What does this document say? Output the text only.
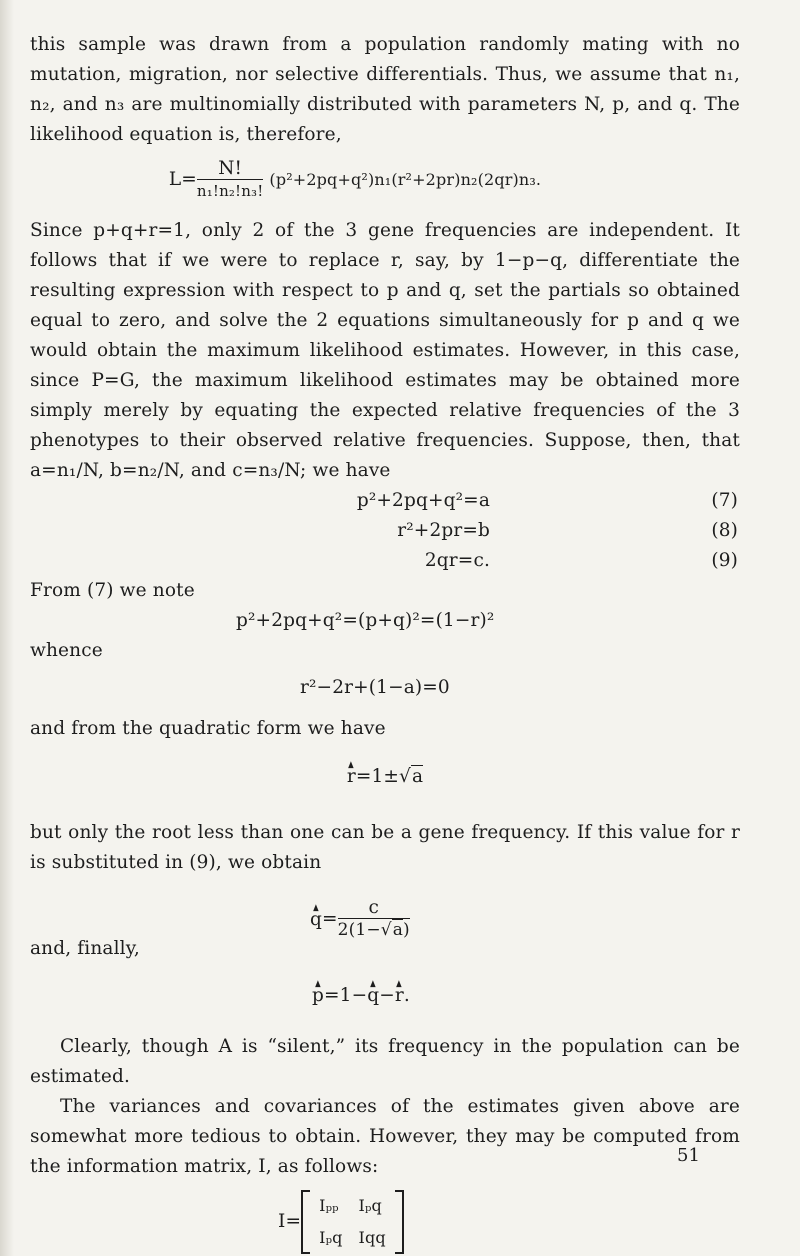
this sample was drawn from a population randomly mating with no mutation, migration, nor selective differentials. Thus, we assume that n₁, n₂, and n₃ are multinomially distributed with parameters N, p, and q. The likelihood equation is, therefore,

$L= \frac{N!}{\text{n₁!n₂!n₃!}} (p^2+2pq+q^2)n_1(r^2+2pr)n_2(2qr)n_3$.

Since p+q+r=1, only 2 of the 3 gene frequencies are independent. It follows that if we were to replace r, say, by 1−p−q, differentiate the resulting expression with respect to p and q, set the partials so obtained equal to zero, and solve the 2 equations simultaneously for p and q we would obtain the maximum likelihood estimates. However, in this case, since P=G, the maximum likelihood estimates may be obtained more simply merely by equating the expected relative frequencies of the 3 phenotypes to their observed relative frequencies. Suppose, then, that a=n₁/N, b=n₂/N, and c=n₃/N; we have

p²+2pq+q²=a	(7)
r²+2pr=b	(8)
2qr=c.	(9)

From (7) we note

p²+2pq+q²=(p+q)²=(1−r)²

whence

r²−2r+(1−a)=0

and from the quadratic form we have

▲ r=1±√a

but only the root less than one can be a gene frequency. If this value for r is substituted in (9), we obtain

▲ $q= \frac{c}{2(1-√a)}$

and, finally,

▲ p=1−▲ q−▲ r.

Clearly, though A is “silent,” its frequency in the population can be estimated.

The variances and covariances of the estimates given above are somewhat more tedious to obtain. However, they may be computed from the information matrix, I, as follows:

I=
Iₚₚ	Iₚq
Iₚq	Iqq
51
